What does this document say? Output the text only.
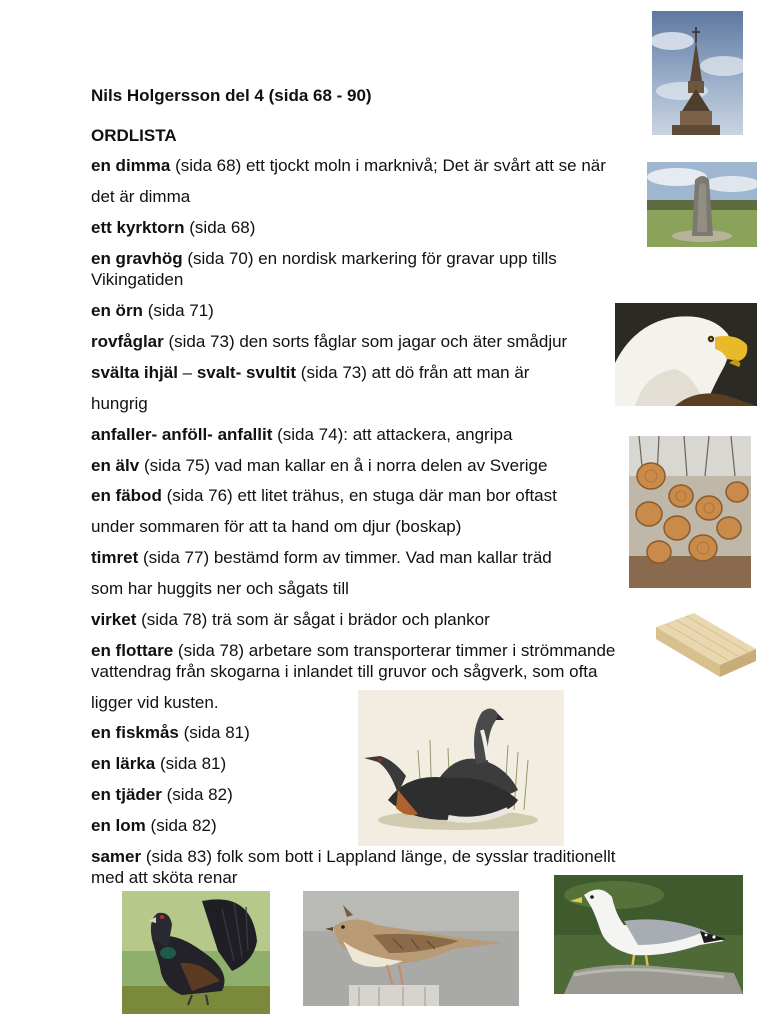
Nils Holgersson del 4 (sida 68 - 90)
ORDLISTA
en dimma (sida 68) ett tjockt moln i marknivå; Det är svårt att se när
det är dimma
ett kyrktorn (sida 68)
en gravhög (sida 70) en nordisk markering för gravar upp tills
Vikingatiden
en örn (sida 71)
rovfåglar (sida 73) den sorts fåglar som jagar och äter smådjur
svälta ihjäl – svalt- svultit (sida 73) att dö från att man är
hungrig
anfaller- anföll- anfallit (sida 74): att attackera, angripa
en älv (sida 75) vad man kallar en å i norra delen av Sverige
en fäbod (sida 76) ett litet trähus, en stuga där man bor oftast
under sommaren för att ta hand om djur (boskap)
timret (sida 77) bestämd form av timmer. Vad man kallar träd
som har huggits ner och sågats till
virket (sida 78) trä som är sågat i brädor och plankor
en flottare (sida 78) arbetare som transporterar timmer i strömmande
vattendrag från skogarna i inlandet till gruvor och sågverk, som ofta
ligger vid kusten.
en fiskmås (sida 81)
en lärka (sida 81)
en tjäder (sida 82)
en lom (sida 82)
samer (sida 83) folk som bott i Lappland länge, de sysslar traditionellt
med att sköta renar
